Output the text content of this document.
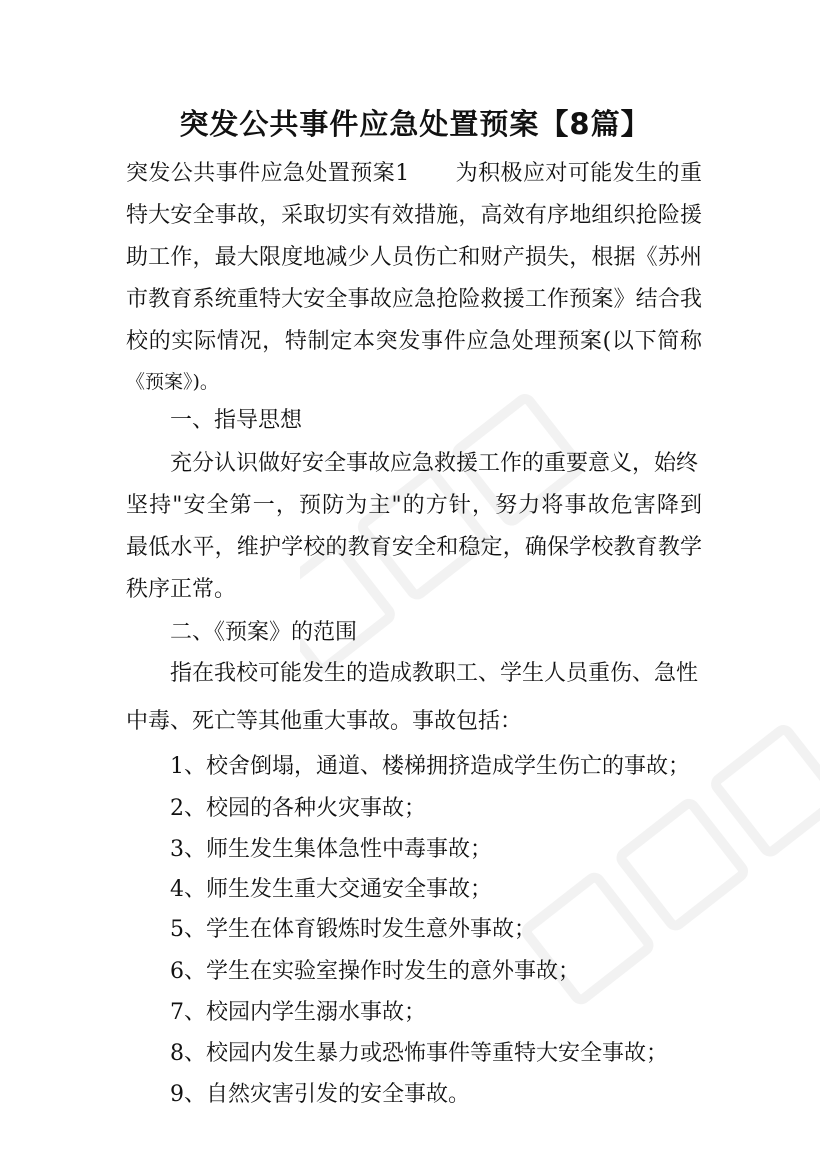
突发公共事件应急处置预案【8篇】
突发公共事件应急处置预案1 为积极应对可能发生的重
特大安全事故，采取切实有效措施，高效有序地组织抢险援
助工作，最大限度地减少人员伤亡和财产损失，根据《苏州
市教育系统重特大安全事故应急抢险救援工作预案》结合我
校的实际情况，特制定本突发事件应急处理预案(以下简称
《预案》)。
一、指导思想
充分认识做好安全事故应急救援工作的重要意义，始终
坚持"安全第一，预防为主"的方针，努力将事故危害降到
最低水平，维护学校的教育安全和稳定，确保学校教育教学
秩序正常。
二、《预案》的范围
指在我校可能发生的造成教职工、学生人员重伤、急性
中毒、死亡等其他重大事故。事故包括：
1、校舍倒塌，通道、楼梯拥挤造成学生伤亡的事故；
2、校园的各种火灾事故；
3、师生发生集体急性中毒事故；
4、师生发生重大交通安全事故；
5、学生在体育锻炼时发生意外事故；
6、学生在实验室操作时发生的意外事故；
7、校园内学生溺水事故；
8、校园内发生暴力或恐怖事件等重特大安全事故；
9、自然灾害引发的安全事故。
